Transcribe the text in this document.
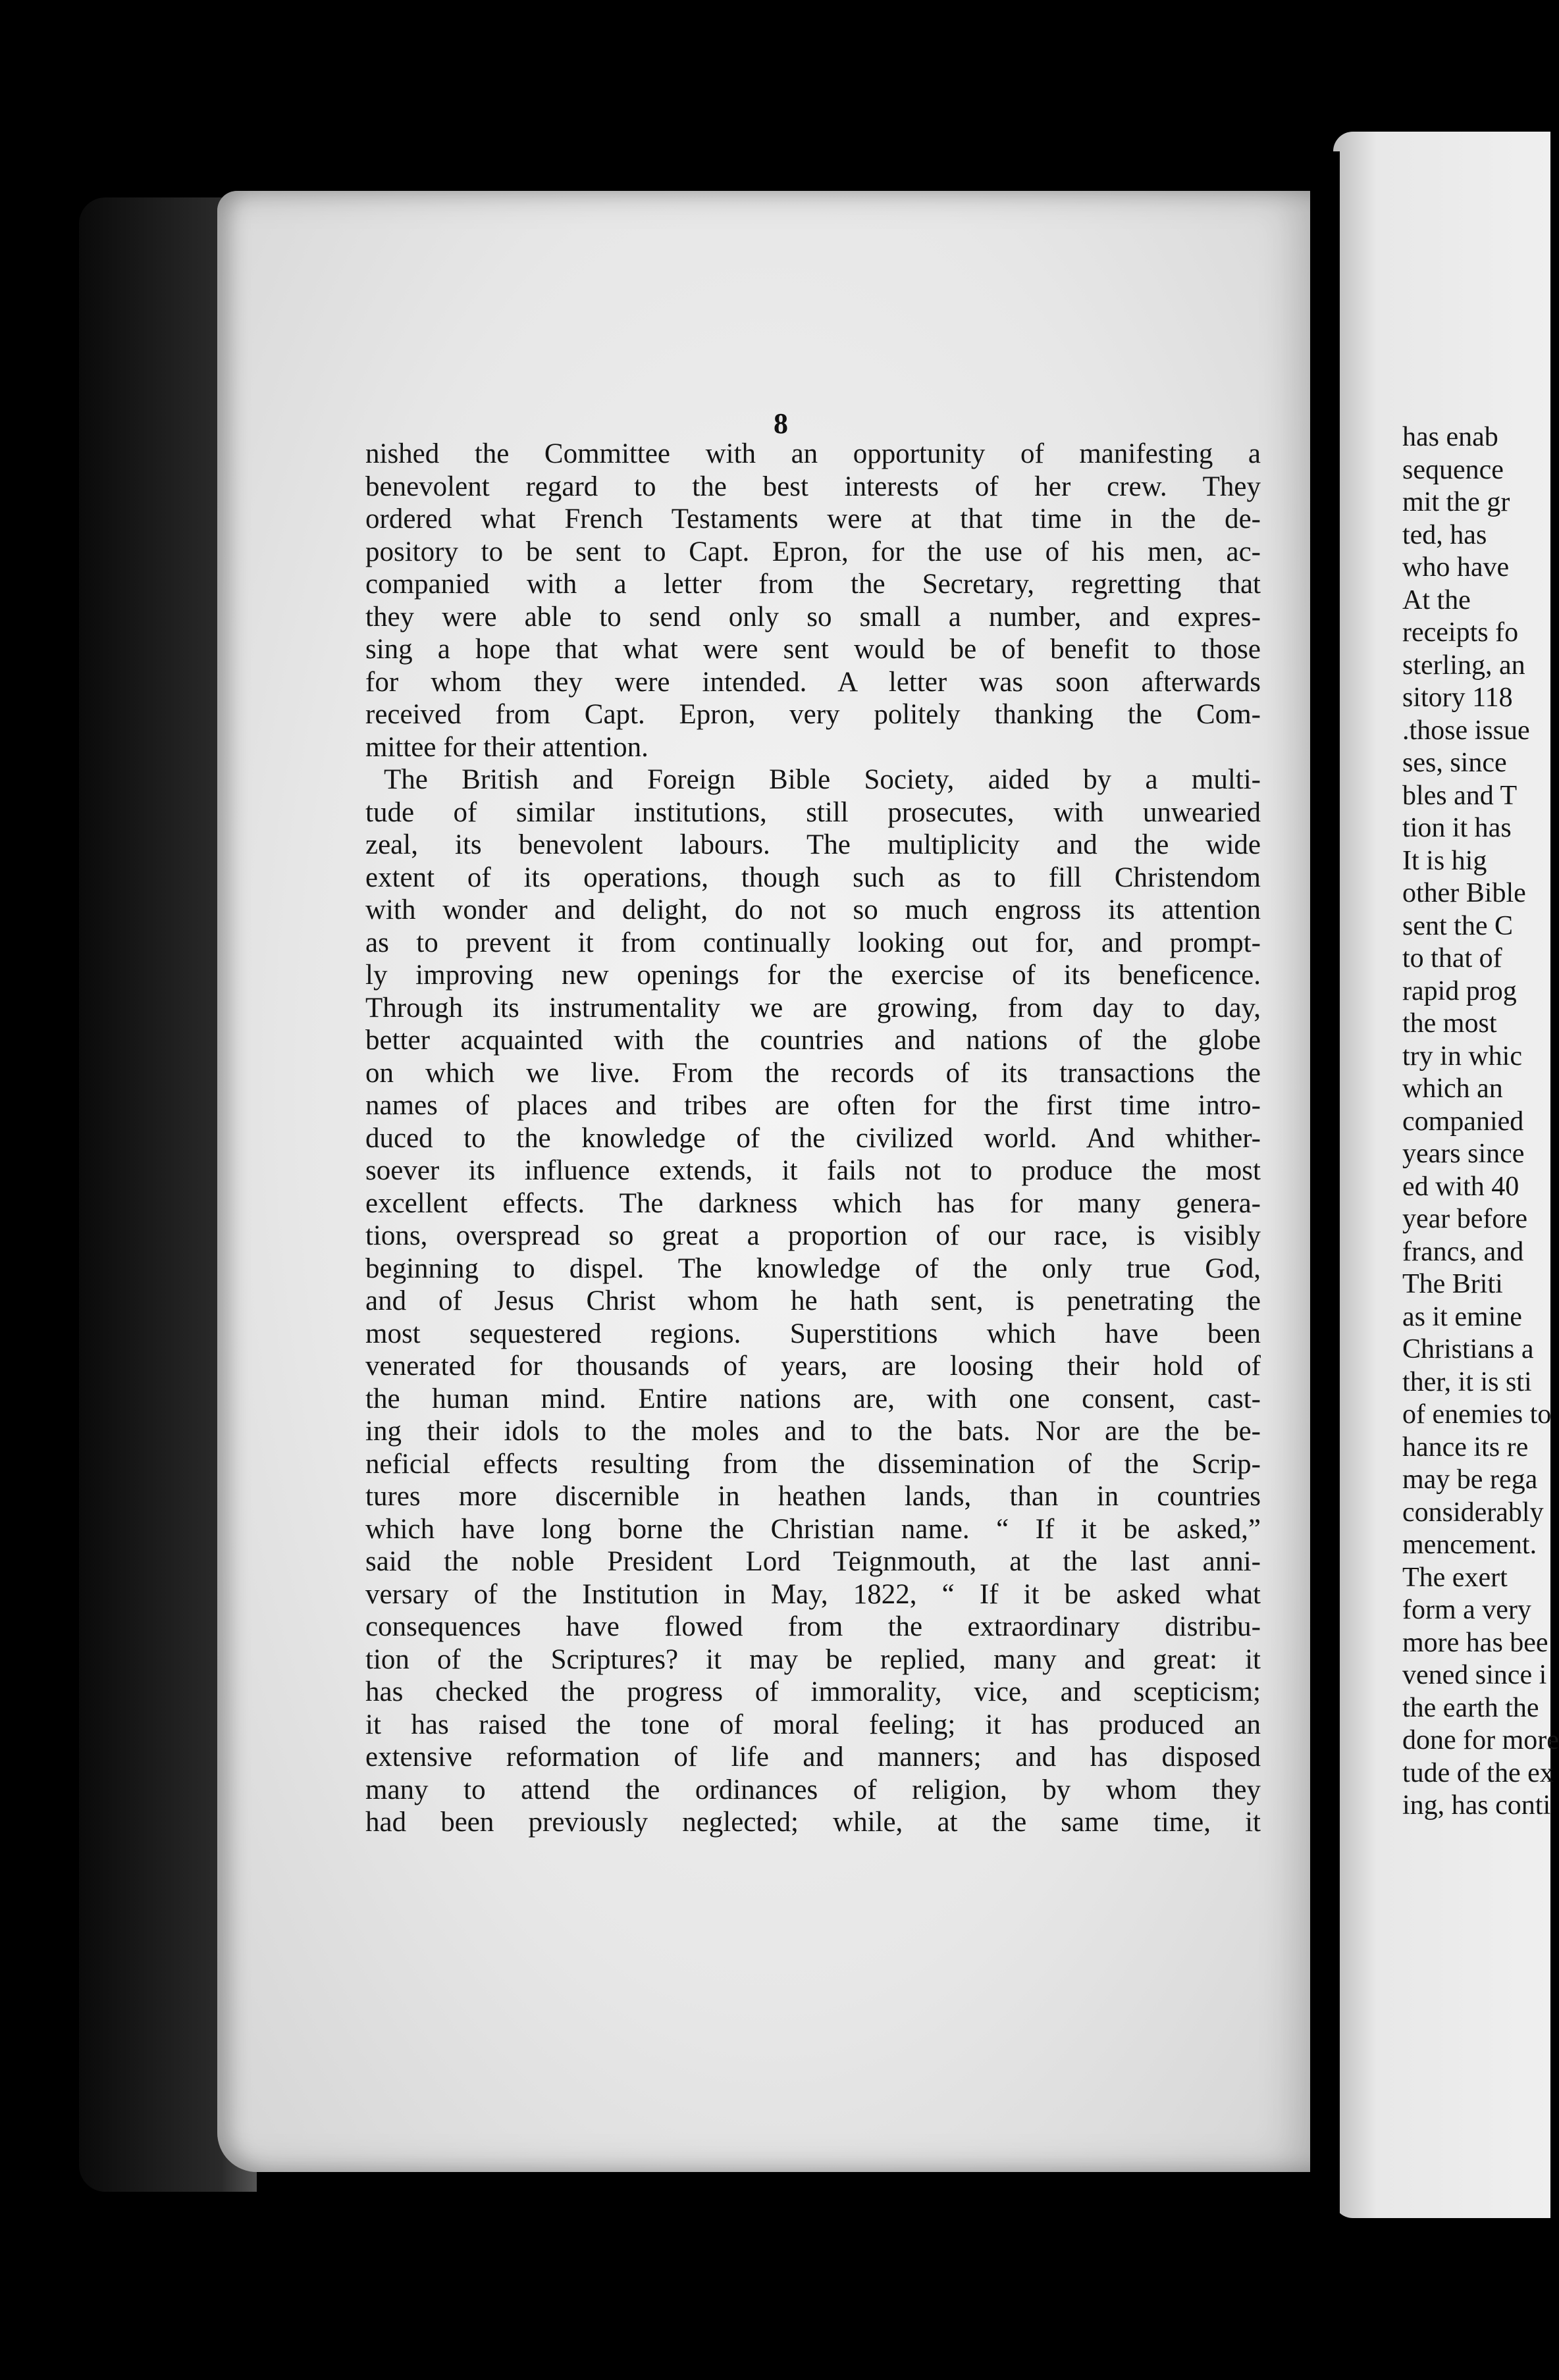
8
nished the Committee with an opportunity of manifesting a
benevolent regard to the best interests of her crew. They
ordered what French Testaments were at that time in the de-
pository to be sent to Capt. Epron, for the use of his men, ac-
companied with a letter from the Secretary, regretting that
they were able to send only so small a number, and expres-
sing a hope that what were sent would be of benefit to those
for whom they were intended. A letter was soon afterwards
received from Capt. Epron, very politely thanking the Com-
mittee for their attention.
The British and Foreign Bible Society, aided by a multi-
tude of similar institutions, still prosecutes, with unwearied
zeal, its benevolent labours. The multiplicity and the wide
extent of its operations, though such as to fill Christendom
with wonder and delight, do not so much engross its attention
as to prevent it from continually looking out for, and prompt-
ly improving new openings for the exercise of its beneficence.
Through its instrumentality we are growing, from day to day,
better acquainted with the countries and nations of the globe
on which we live. From the records of its transactions the
names of places and tribes are often for the first time intro-
duced to the knowledge of the civilized world. And whither-
soever its influence extends, it fails not to produce the most
excellent effects. The darkness which has for many genera-
tions, overspread so great a proportion of our race, is visibly
beginning to dispel. The knowledge of the only true God,
and of Jesus Christ whom he hath sent, is penetrating the
most sequestered regions. Superstitions which have been
venerated for thousands of years, are loosing their hold of
the human mind. Entire nations are, with one consent, cast-
ing their idols to the moles and to the bats. Nor are the be-
neficial effects resulting from the dissemination of the Scrip-
tures more discernible in heathen lands, than in countries
which have long borne the Christian name. “ If it be asked,”
said the noble President Lord Teignmouth, at the last anni-
versary of the Institution in May, 1822, “ If it be asked what
consequences have flowed from the extraordinary distribu-
tion of the Scriptures? it may be replied, many and great: it
has checked the progress of immorality, vice, and scepticism;
it has raised the tone of moral feeling; it has produced an
extensive reformation of life and manners; and has disposed
many to attend the ordinances of religion, by whom they
had been previously neglected; while, at the same time, it
has enab
sequence
mit the gr
ted, has
who have
At the
receipts fo
sterling, an
sitory 118
.those issue
ses, since
bles and T
tion it has
It is hig
other Bible
sent the C
to that of
rapid prog
the most
try in whic
which an
companied
years since
ed with 40
year before
francs, and
The Briti
as it emine
Christians a
ther, it is sti
of enemies to
hance its re
may be rega
considerably
mencement.
The exert
form a very
more has bee
vened since i
the earth the
done for more
tude of the ex
ing, has conti
